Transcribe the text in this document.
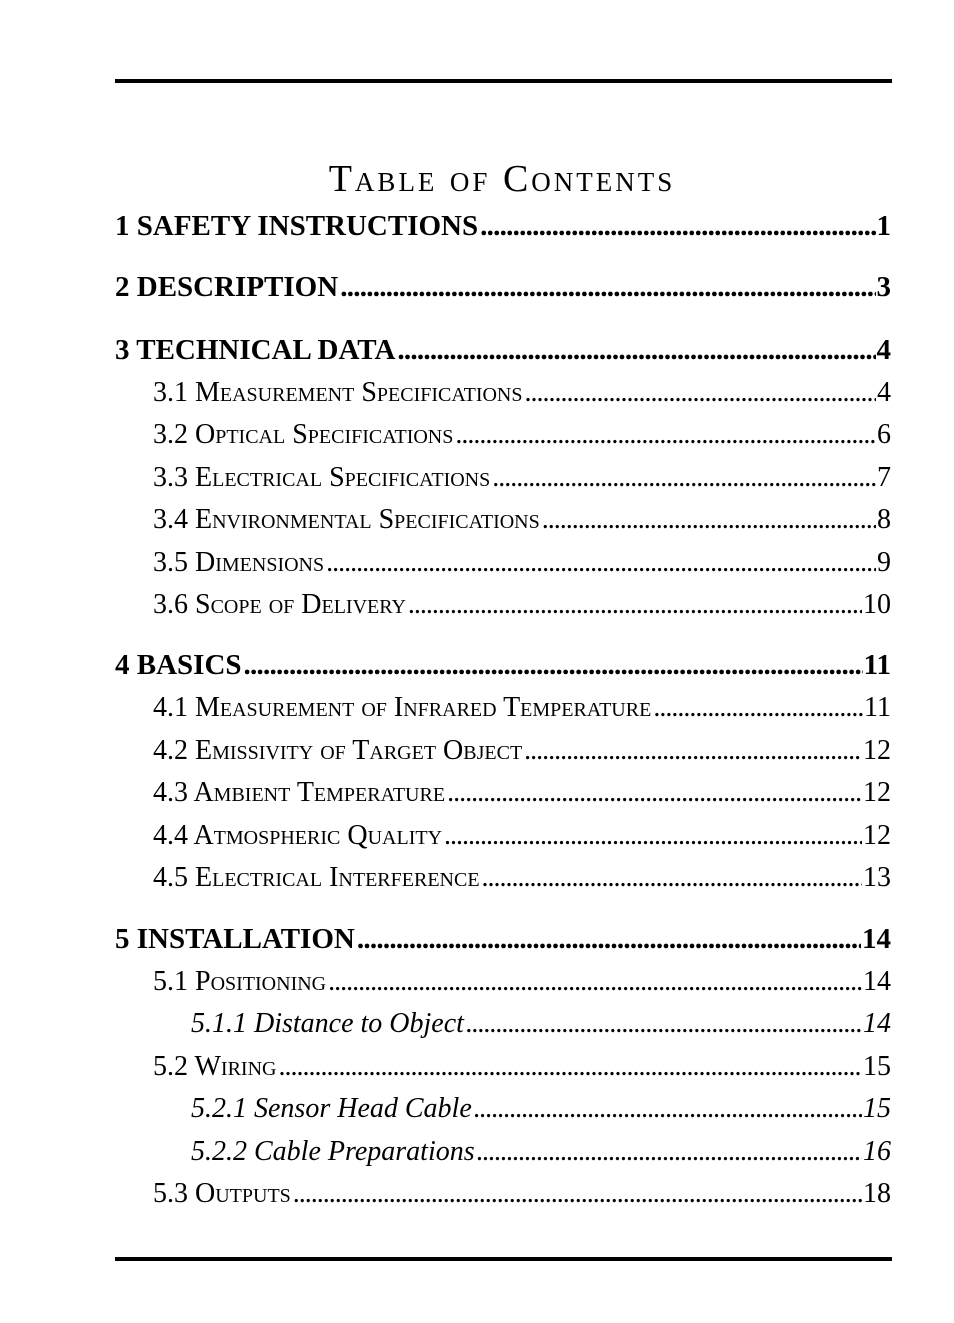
Table of Contents
1 SAFETY INSTRUCTIONS . . .	1
2 DESCRIPTION . . .	3
3 TECHNICAL DATA . . .	4
3.1 Measurement Specifications . . .	4
3.2 Optical Specifications . . .	6
3.3 Electrical Specifications . . .	7
3.4 Environmental Specifications . . .	8
3.5 Dimensions . . .	9
3.6 Scope of Delivery . . .	10
4 BASICS . . .	11
4.1 Measurement of Infrared Temperature . . .	11
4.2 Emissivity of Target Object . . .	12
4.3 Ambient Temperature . . .	12
4.4 Atmospheric Quality . . .	12
4.5 Electrical Interference . . .	13
5 INSTALLATION . . .	14
5.1 Positioning . . .	14
5.1.1 Distance to Object . . .	14
5.2 Wiring . . .	15
5.2.1 Sensor Head Cable . . .	15
5.2.2 Cable Preparations . . .	16
5.3 Outputs . . .	18
